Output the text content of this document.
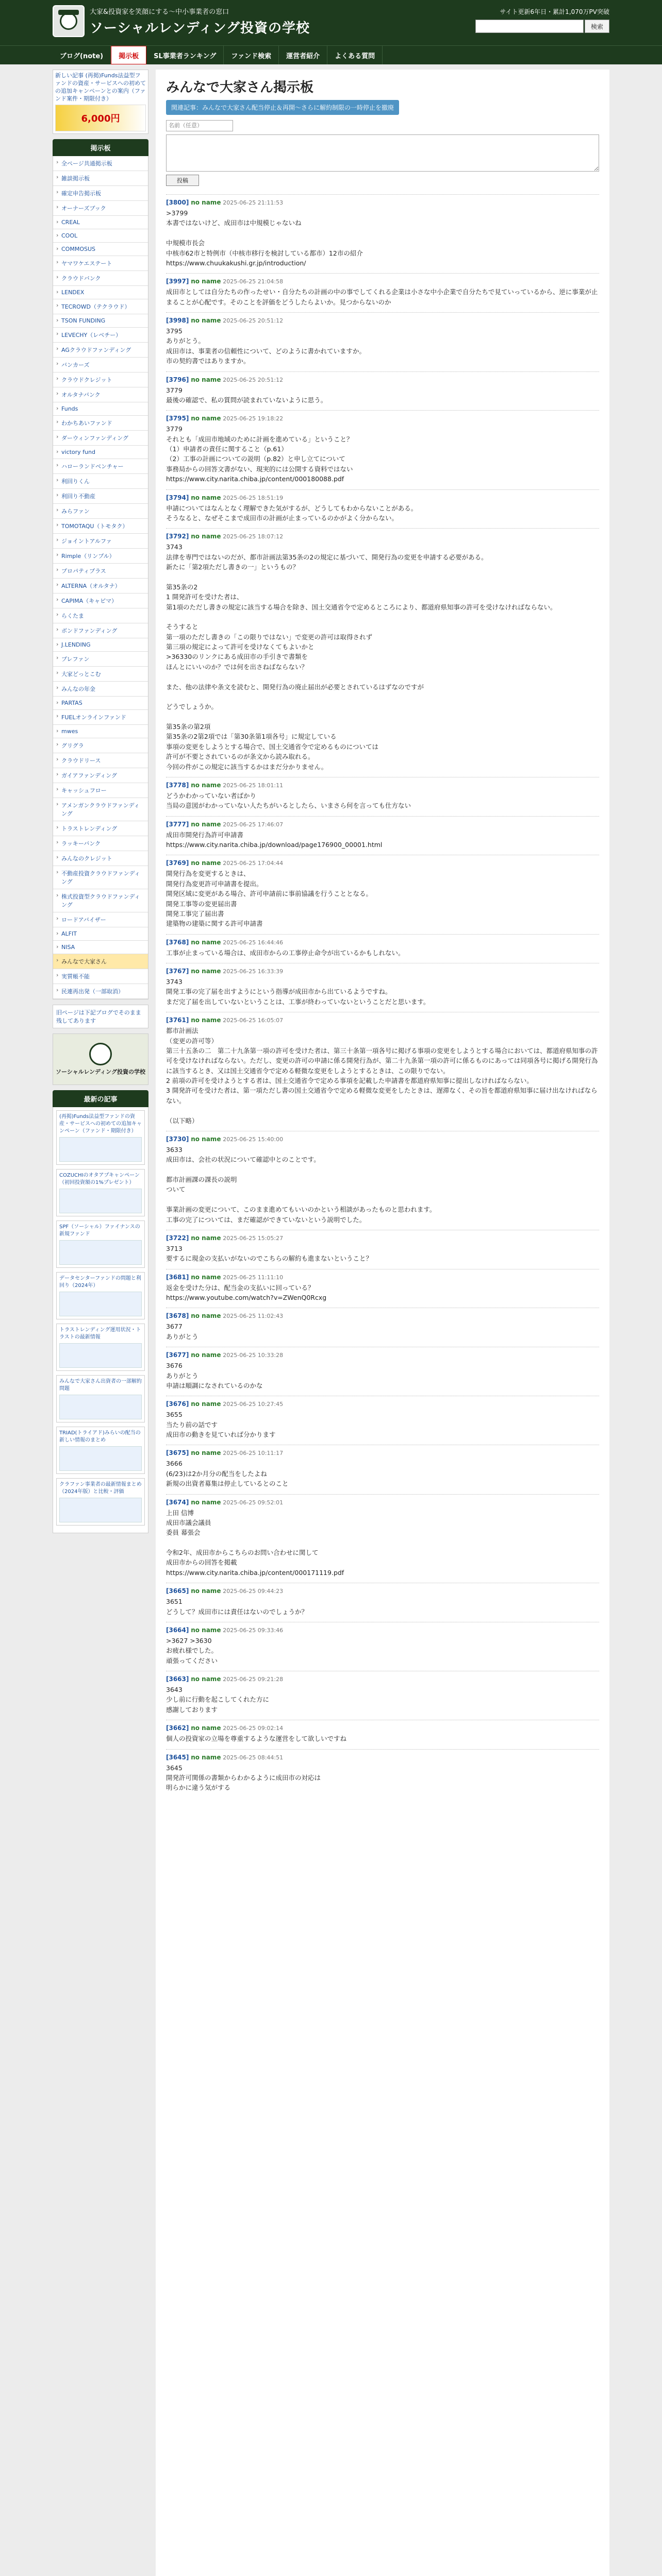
大家&投資家を笑顔にする～中小事業者の窓口
ソーシャルレンディング投資の学校
サイト更新6年日・累計1,070万PV突破
検索
ブログ(note)	掲示板	SL事業者ランキング	ファンド検索	運営者紹介	よくある質問
新しい記事 (再掲)Funds法益型ファンドの資産・サービスへの初めての追加キャンペーンとの案内（ファンド案件・期限付き）
6,000円
掲示板
› 全ページ共通掲示板
› 雑談掲示板
› 確定申告掲示板
› オーナーズブック
› CREAL
› COOL
› COMMOSUS
› ヤマワケエステート
› クラウドバンク
› LENDEX
› TECROWD（テクラウド）
› TSON FUNDING
› LEVECHY（レベチー）
› AGクラウドファンディング
› バンカーズ
› クラウドクレジット
› オルタナバンク
› Funds
› わかちあいファンド
› ダーウィンファンディング
› victory fund
› ハローランドベンチャー
› 利回りくん
› 利回り不動産
› みらファン
› TOMOTAQU（トモタク）
› ジョイントアルファ
› Rimple（リンプル）
› プロパティプラス
› ALTERNA（オルタナ）
› CAPIMA（キャピマ）
› らくたま
› ボンドファンディング
› J.LENDING
› プレファン
› 大家どっとこむ
› みんなの年金
› PARTAS
› FUELオンラインファンド
› mwes
› グリグラ
› クラウドリース
› ガイアファンディング
› キャッシュフロー
› アメンガンクラウドファンディング
› トラストレンディング
› ラッキーバンク
› みんなのクレジット
› 不動産投資クラウドファンディング
› 株式投資型クラウドファンディング
› ロードアバイザー
› ALFIT
› NISA
› みんなで大家さん
› 実質帳不能
› 民連再出発（一部取消）
旧ページは下記ブログでそのまま残してあります
ソーシャルレンディング投資の学校
最新の記事
(再掲)Funds法益型ファンドの資産・サービスへの初めての追加キャンペーン（ファンド・期限付き）
COZUCHIのオタアプキャンペーン（初回投資額の1%プレゼント）
SPF（ソーシャル）ファイナンスの新規ファンド
データセンターファンドの問題と利回り（2024年）
トラストレンディング運用状況・トラストの最新情報
みんなで大家さん出資者の一部解約問題
TRIAD(トライアド)みらいの配当の新しい情報のまとめ
クラファン事業者の最新情報まとめ（2024年版）と比較・評価
みんなで大家さん掲示板
関連記事：みんなで大家さん配当停止＆再開～さらに解約制限の一時停止を撤廃
名前（任意）
投稿
[3800] no name 2025-06-25 21:11:53
>3799
本書ではないけど、成田市は中規模じゃないね

中規模市長会
中核市62市と特例市（中核市移行を検討している都市）12市の紹介
https://www.chuukakushi.gr.jp/introduction/
[3997] no name 2025-06-25 21:04:58
成田市としては自分たちの作ったせい・自分たちの計画の中の事でしてくれる企業は小さな中小企業で自分たちで見ていっているから、逆に事業が止まることが心配です。そのことを評価をどうしたらよいか。見つからないのか
[3998] no name 2025-06-25 20:51:12
3795
ありがとう。
成田市は、事業者の信頼性について、どのように書かれていますか。
市の契約書ではありますか。
[3796] no name 2025-06-25 20:51:12
3779
最後の確認で、私の質問が読まれていないように思う。
[3795] no name 2025-06-25 19:18:22
3779
それとも「成田市地域のために計画を進めている」ということ？
（1）申請者の責任に関すること（p.61）
（2）工事の計画についての説明（p.82）と申し立てについて
事務局からの回答文書がない、現実的には公開する資料ではない
https://www.city.narita.chiba.jp/content/000180088.pdf
[3794] no name 2025-06-25 18:51:19
申請についてはなんとなく理解できた気がするが、どうしてもわからないことがある。
そうなると、なぜそこまで成田市の計画が止まっているのかがよく分からない。
[3792] no name 2025-06-25 18:07:12
3743
法律を専門ではないのだが、都市計画法第35条の2の規定に基づいて、開発行為の変更を申請する必要がある。
新たに「第2項ただし書きの一」というもの？

第35条の2
1 開発許可を受けた者は、
第1項のただし書きの規定に該当する場合を除き、国土交通省令で定めるところにより、都道府県知事の許可を受けなければならない。

そうすると
第一項のただし書きの「この限りではない」で変更の許可は取得されず
第三項の規定によって許可を受けなくてもよいかと
>36330のリンクにある成田市の手引きで書類を
ほんとにいいのか？では何を出さねばならない？

また、他の法律や条文を読むと、開発行為の廃止届出が必要とされているはずなのですが

どうでしょうか。

第35条の第2項
第35条の2第2項では「第30条第1項各号」に規定している
事項の変更をしようとする場合で、国土交通省令で定めるものについては
許可が不要とされているのが条文から読み取れる。
今回の件がこの規定に該当するかはまだ分かりません。
[3778] no name 2025-06-25 18:01:11
どうかわかっていない者ばかり
当局の意図がわかっていない人たちがいるとしたら、いまさら何を言っても仕方ない
[3777] no name 2025-06-25 17:46:07
成田市開発行為許可申請書
https://www.city.narita.chiba.jp/download/page176900_00001.html
[3769] no name 2025-06-25 17:04:44
開発行為を変更するときは、
開発行為変更許可申請書を提出。
開発区域に変更がある場合、許可申請前に事前協議を行うこととなる。
開発工事等の変更届出書
開発工事完了届出書
建築物の建築に関する許可申請書
[3768] no name 2025-06-25 16:44:46
工事が止まっている場合は、成田市からの工事停止命令が出ているかもしれない。
[3767] no name 2025-06-25 16:33:39
3743
開発工事の完了届を出すようにという指導が成田市から出ているようですね。
まだ完了届を出していないということは、工事が終わっていないということだと思います。
[3761] no name 2025-06-25 16:05:07
都市計画法
（変更の許可等）
第三十五条の二　第二十九条第一項の許可を受けた者は、第三十条第一項各号に掲げる事項の変更をしようとする場合においては、都道府県知事の許可を受けなければならない。ただし、変更の許可の申請に係る開発行為が、第二十九条第一項の許可に係るものにあっては同項各号に掲げる開発行為に該当するとき、又は国土交通省令で定める軽微な変更をしようとするときは、この限りでない。
2 前項の許可を受けようとする者は、国土交通省令で定める事項を記載した申請書を都道府県知事に提出しなければならない。
3 開発許可を受けた者は、第一項ただし書の国土交通省令で定める軽微な変更をしたときは、遅滞なく、その旨を都道府県知事に届け出なければならない。

（以下略）
[3730] no name 2025-06-25 15:40:00
3633
成田市は、会社の状況について確認中とのことです。

都市計画課の課長の説明
ついて

事業計画の変更について、このまま進めてもいいのかという相談があったものと思われます。
工事の完了については、まだ確認ができていないという説明でした。
[3722] no name 2025-06-25 15:05:27
3713
要するに現金の支払いがないのでこちらの解約も進まないということ？
[3681] no name 2025-06-25 11:11:10
返金を受けた分は、配当金の支払いに回っている？
https://www.youtube.com/watch?v=ZWenQ0Rcxg
[3678] no name 2025-06-25 11:02:43
3677
ありがとう
[3677] no name 2025-06-25 10:33:28
3676
ありがとう
申請は順調になされているのかな
[3676] no name 2025-06-25 10:27:45
3655
当たり前の話です
成田市の動きを見ていれば分かります
[3675] no name 2025-06-25 10:11:17
3666
(6/23)は2か月分の配当をしたよね
新規の出資者募集は停止しているとのこと
[3674] no name 2025-06-25 09:52:01
上田 信博
成田市議会議員
委員 幕張会

令和2年、成田市からこちらのお問い合わせに関して
成田市からの回答を掲載
https://www.city.narita.chiba.jp/content/000171119.pdf
[3665] no name 2025-06-25 09:44:23
3651
どうして？成田市には責任はないのでしょうか？
[3664] no name 2025-06-25 09:33:46
>3627 >3630
お疲れ様でした。
頑張ってください
[3663] no name 2025-06-25 09:21:28
3643
少し前に行動を起こしてくれた方に
感謝しております
[3662] no name 2025-06-25 09:02:14
個人の投資家の立場を尊重するような運営をして欲しいですね
[3645] no name 2025-06-25 08:44:51
3645
開発許可関係の書類からわかるように成田市の対応は
明らかに違う気がする
